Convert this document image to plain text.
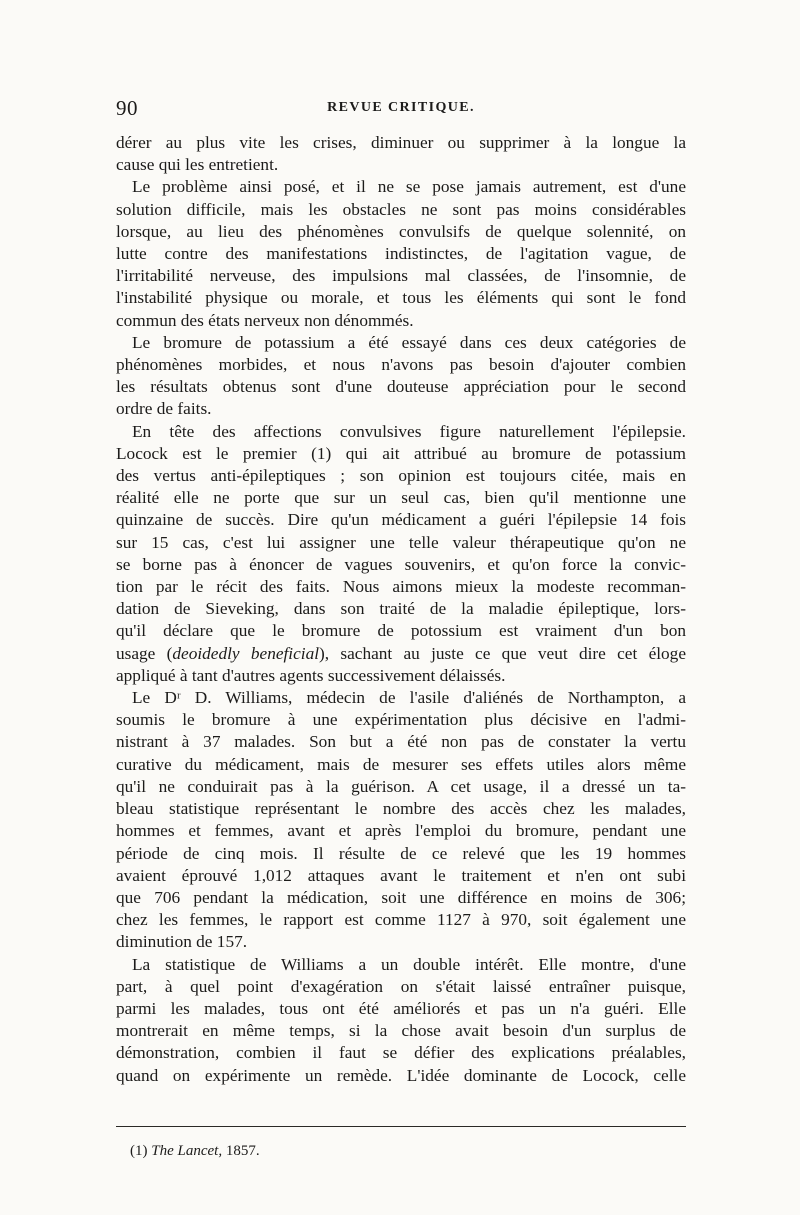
90	REVUE CRITIQUE.

dérer au plus vite les crises, diminuer ou supprimer à la longue la

cause qui les entretient.

Le problème ainsi posé, et il ne se pose jamais autrement, est d'une

solution difficile, mais les obstacles ne sont pas moins considérables

lorsque, au lieu des phénomènes convulsifs de quelque solennité, on

lutte contre des manifestations indistinctes, de l'agitation vague, de

l'irritabilité nerveuse, des impulsions mal classées, de l'insomnie, de

l'instabilité physique ou morale, et tous les éléments qui sont le fond

commun des états nerveux non dénommés.

Le bromure de potassium a été essayé dans ces deux catégories de

phénomènes morbides, et nous n'avons pas besoin d'ajouter combien

les résultats obtenus sont d'une douteuse appréciation pour le second

ordre de faits.

En tête des affections convulsives figure naturellement l'épilepsie.

Locock est le premier (1) qui ait attribué au bromure de potassium

des vertus anti-épileptiques ; son opinion est toujours citée, mais en

réalité elle ne porte que sur un seul cas, bien qu'il mentionne une

quinzaine de succès. Dire qu'un médicament a guéri l'épilepsie 14 fois

sur 15 cas, c'est lui assigner une telle valeur thérapeutique qu'on ne

se borne pas à énoncer de vagues souvenirs, et qu'on force la convic-

tion par le récit des faits. Nous aimons mieux la modeste recomman-

dation de Sieveking, dans son traité de la maladie épileptique, lors-

qu'il déclare que le bromure de potossium est vraiment d'un bon

usage (deoidedly beneficial), sachant au juste ce que veut dire cet éloge

appliqué à tant d'autres agents successivement délaissés.

Le Dʳ D. Williams, médecin de l'asile d'aliénés de Northampton, a

soumis le bromure à une expérimentation plus décisive en l'admi-

nistrant à 37 malades. Son but a été non pas de constater la vertu

curative du médicament, mais de mesurer ses effets utiles alors même

qu'il ne conduirait pas à la guérison. A cet usage, il a dressé un ta-

bleau statistique représentant le nombre des accès chez les malades,

hommes et femmes, avant et après l'emploi du bromure, pendant une

période de cinq mois. Il résulte de ce relevé que les 19 hommes

avaient éprouvé 1,012 attaques avant le traitement et n'en ont subi

que 706 pendant la médication, soit une différence en moins de 306;

chez les femmes, le rapport est comme 1127 à 970, soit également une

diminution de 157.

La statistique de Williams a un double intérêt. Elle montre, d'une

part, à quel point d'exagération on s'était laissé entraîner puisque,

parmi les malades, tous ont été améliorés et pas un n'a guéri. Elle

montrerait en même temps, si la chose avait besoin d'un surplus de

démonstration, combien il faut se défier des explications préalables,

quand on expérimente un remède. L'idée dominante de Locock, celle

(1) The Lancet, 1857.
